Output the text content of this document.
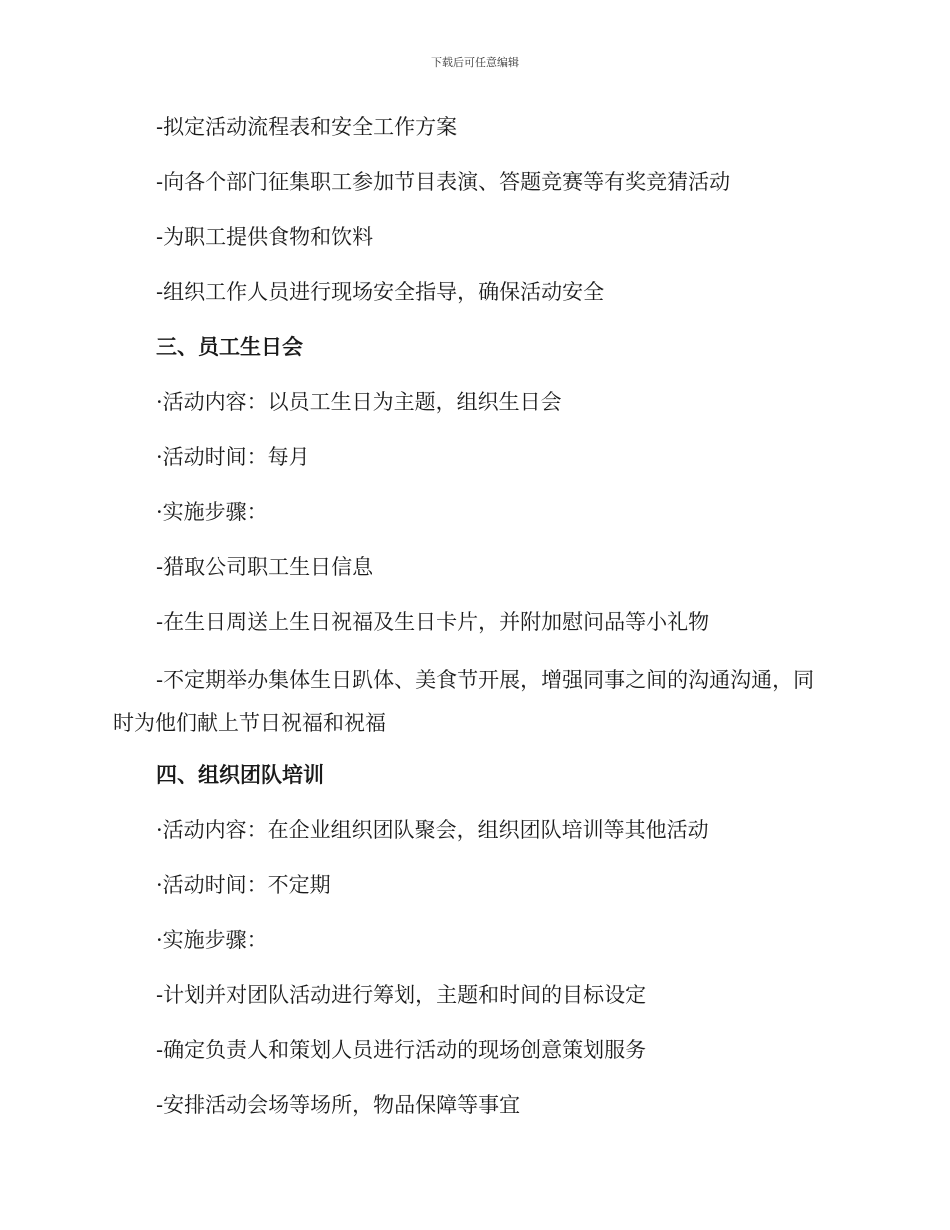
下载后可任意编辑
-拟定活动流程表和安全工作方案
-向各个部门征集职工参加节目表演、答题竞赛等有奖竞猜活动
-为职工提供食物和饮料
-组织工作人员进行现场安全指导，确保活动安全
三、员工生日会
·活动内容：以员工生日为主题，组织生日会
·活动时间：每月
·实施步骤：
-猎取公司职工生日信息
-在生日周送上生日祝福及生日卡片，并附加慰问品等小礼物
-不定期举办集体生日趴体、美食节开展，增强同事之间的沟通沟通，同时为他们献上节日祝福和祝福
四、组织团队培训
·活动内容：在企业组织团队聚会，组织团队培训等其他活动
·活动时间：不定期
·实施步骤：
-计划并对团队活动进行筹划，主题和时间的目标设定
-确定负责人和策划人员进行活动的现场创意策划服务
-安排活动会场等场所，物品保障等事宜
